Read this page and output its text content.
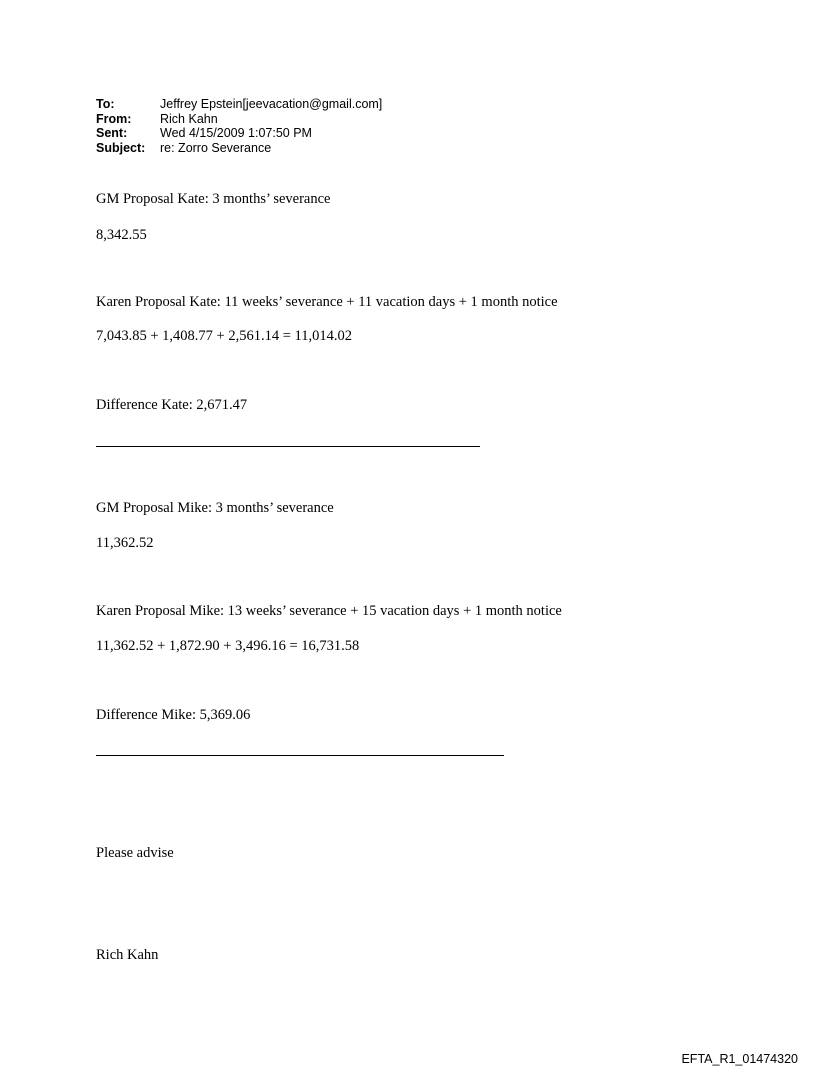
To:	Jeffrey Epstein[jeevacation@gmail.com]
From:	Rich Kahn
Sent:	Wed 4/15/2009 1:07:50 PM
Subject:	re: Zorro Severance
GM Proposal Kate: 3 months’ severance
8,342.55
Karen Proposal Kate: 11 weeks’ severance + 11 vacation days + 1 month notice
7,043.85 + 1,408.77 + 2,561.14 = 11,014.02
Difference Kate: 2,671.47
GM Proposal Mike: 3 months’ severance
11,362.52
Karen Proposal Mike: 13 weeks’ severance + 15 vacation days + 1 month notice
11,362.52 + 1,872.90 + 3,496.16 = 16,731.58
Difference Mike: 5,369.06
Please advise
Rich Kahn
EFTA_R1_01474320
